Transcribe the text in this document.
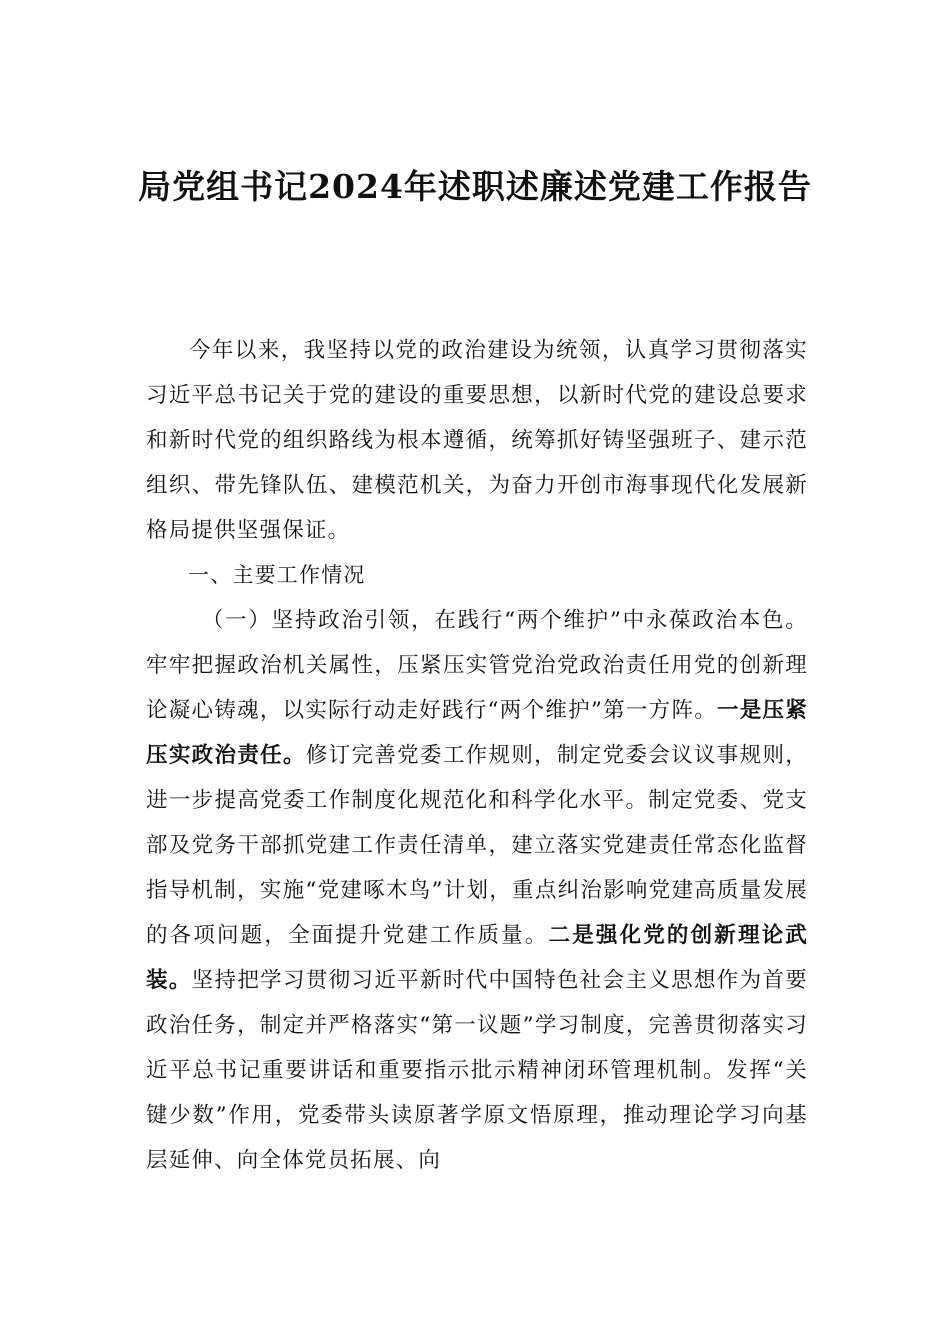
局党组书记2024年述职述廉述党建工作报告

今年以来，我坚持以党的政治建设为统领，认真学习贯彻落实习近平总书记关于党的建设的重要思想，以新时代党的建设总要求和新时代党的组织路线为根本遵循，统筹抓好铸坚强班子、建示范组织、带先锋队伍、建模范机关，为奋力开创市海事现代化发展新格局提供坚强保证。

一、主要工作情况

（一）坚持政治引领，在践行“两个维护”中永葆政治本色。牢牢把握政治机关属性，压紧压实管党治党政治责任用党的创新理论凝心铸魂，以实际行动走好践行“两个维护”第一方阵。一是压紧压实政治责任。修订完善党委工作规则，制定党委会议议事规则，进一步提高党委工作制度化规范化和科学化水平。制定党委、党支部及党务干部抓党建工作责任清单，建立落实党建责任常态化监督指导机制，实施“党建啄木鸟”计划，重点纠治影响党建高质量发展的各项问题，全面提升党建工作质量。二是强化党的创新理论武装。坚持把学习贯彻习近平新时代中国特色社会主义思想作为首要政治任务，制定并严格落实“第一议题”学习制度，完善贯彻落实习近平总书记重要讲话和重要指示批示精神闭环管理机制。发挥“关键少数”作用，党委带头读原著学原文悟原理，推动理论学习向基层延伸、向全体党员拓展、向
